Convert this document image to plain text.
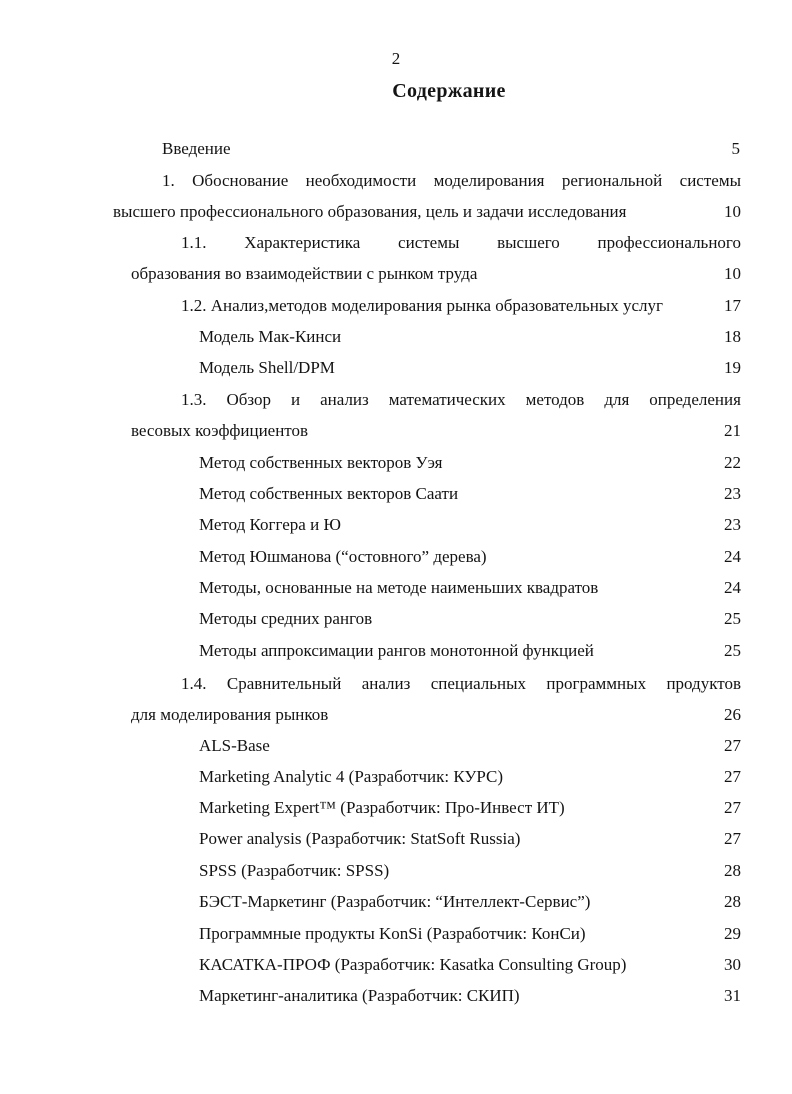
2
Содержание
Введение	5
1. Обоснование необходимости моделирования региональной системы
высшего профессионального образования, цель и задачи исследования	10
1.1. Характеристика системы высшего профессионального
образования во взаимодействии с рынком труда	10
1.2. Анализ,методов моделирования рынка образовательных услуг	17
Модель Мак-Кинси	18
Модель Shell/DPM	19
1.3. Обзор и анализ математических методов для определения
весовых коэффициентов	21
Метод собственных векторов Уэя	22
Метод собственных векторов Саати	23
Метод Коггера и Ю	23
Метод Юшманова (“остовного” дерева)	24
Методы, основанные на методе наименьших квадратов	24
Методы средних рангов	25
Методы аппроксимации рангов монотонной функцией	25
1.4. Сравнительный анализ специальных программных продуктов
для моделирования рынков	26
ALS-Base	27
Marketing Analytic 4 (Разработчик: КУРС)	27
Marketing Expert™ (Разработчик: Про-Инвест ИТ)	27
Power analysis (Разработчик: StatSoft Russia)	27
SPSS (Разработчик: SPSS)	28
БЭСТ-Маркетинг (Разработчик: “Интеллект-Сервис”)	28
Программные продукты KonSi (Разработчик: КонСи)	29
КАСАТКА-ПРОФ (Разработчик: Kasatka Consulting Group)	30
Маркетинг-аналитика (Разработчик: СКИП)	31
